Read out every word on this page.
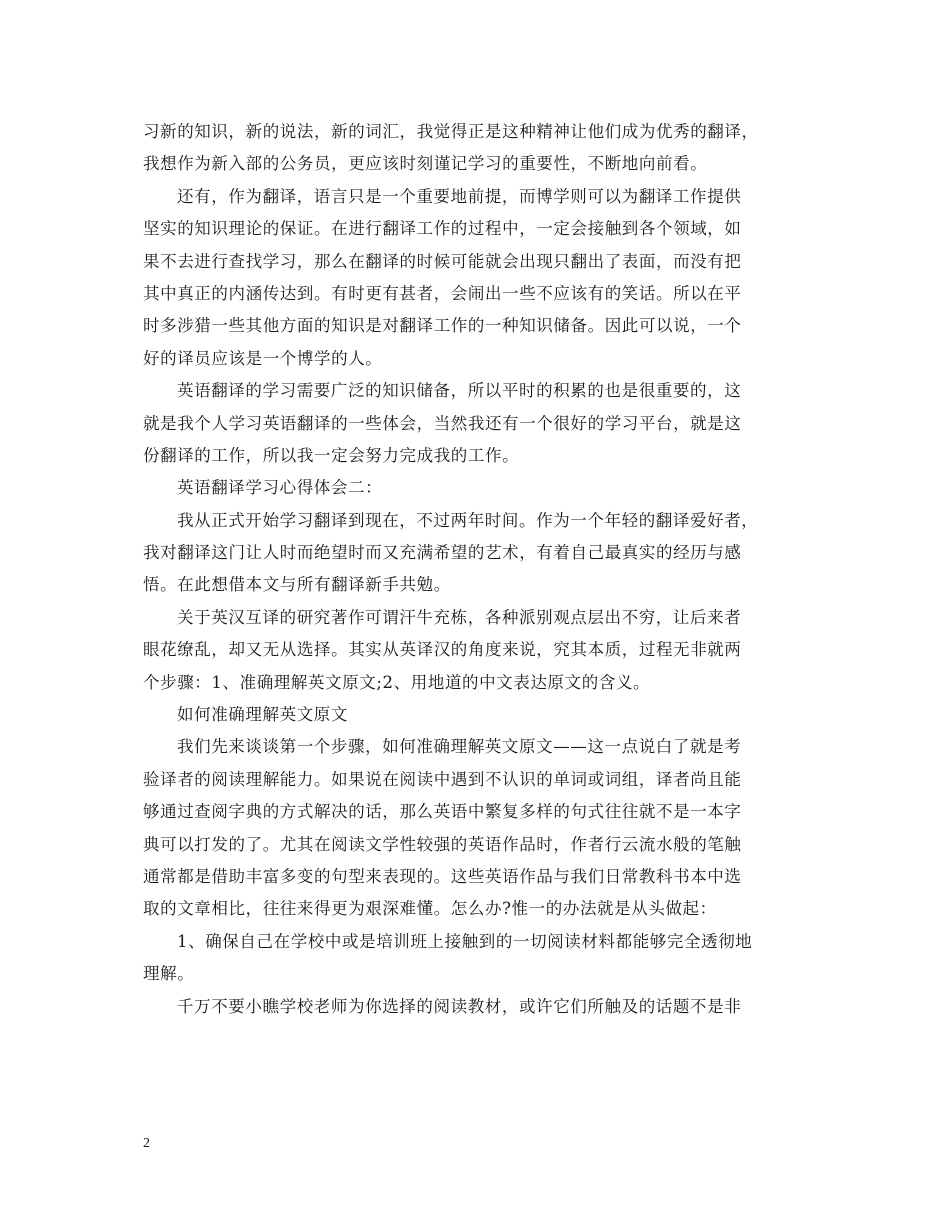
习新的知识，新的说法，新的词汇，我觉得正是这种精神让他们成为优秀的翻译，
我想作为新入部的公务员，更应该时刻谨记学习的重要性，不断地向前看。
还有，作为翻译，语言只是一个重要地前提，而博学则可以为翻译工作提供
坚实的知识理论的保证。在进行翻译工作的过程中，一定会接触到各个领域，如
果不去进行查找学习，那么在翻译的时候可能就会出现只翻出了表面，而没有把
其中真正的内涵传达到。有时更有甚者，会闹出一些不应该有的笑话。所以在平
时多涉猎一些其他方面的知识是对翻译工作的一种知识储备。因此可以说，一个
好的译员应该是一个博学的人。
英语翻译的学习需要广泛的知识储备，所以平时的积累的也是很重要的，这
就是我个人学习英语翻译的一些体会，当然我还有一个很好的学习平台，就是这
份翻译的工作，所以我一定会努力完成我的工作。
英语翻译学习心得体会二：
我从正式开始学习翻译到现在，不过两年时间。作为一个年轻的翻译爱好者，
我对翻译这门让人时而绝望时而又充满希望的艺术，有着自己最真实的经历与感
悟。在此想借本文与所有翻译新手共勉。
关于英汉互译的研究著作可谓汗牛充栋，各种派别观点层出不穷，让后来者
眼花缭乱，却又无从选择。其实从英译汉的角度来说，究其本质，过程无非就两
个步骤：1、准确理解英文原文;2、用地道的中文表达原文的含义。
如何准确理解英文原文
我们先来谈谈第一个步骤，如何准确理解英文原文——这一点说白了就是考
验译者的阅读理解能力。如果说在阅读中遇到不认识的单词或词组，译者尚且能
够通过查阅字典的方式解决的话，那么英语中繁复多样的句式往往就不是一本字
典可以打发的了。尤其在阅读文学性较强的英语作品时，作者行云流水般的笔触
通常都是借助丰富多变的句型来表现的。这些英语作品与我们日常教科书本中选
取的文章相比，往往来得更为艰深难懂。怎么办?惟一的办法就是从头做起：
1、确保自己在学校中或是培训班上接触到的一切阅读材料都能够完全透彻地
理解。
千万不要小瞧学校老师为你选择的阅读教材，或许它们所触及的话题不是非
2
